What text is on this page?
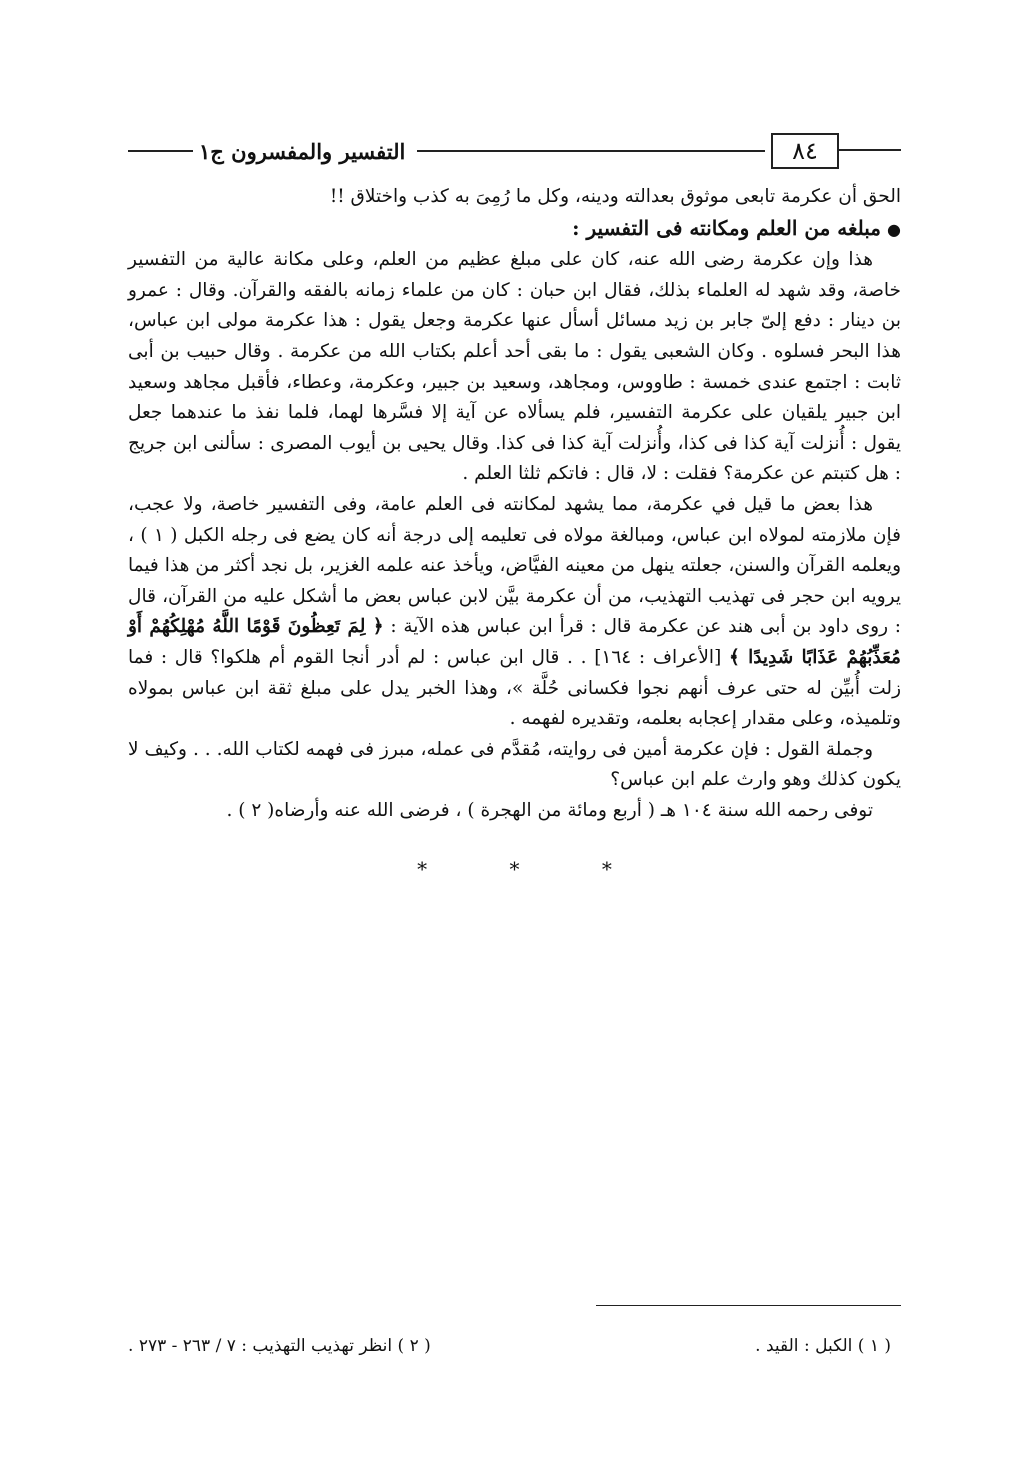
٨٤
التفسير والمفسرون ج١

الحق أن عكرمة تابعى موثوق بعدالته ودينه، وكل ما رُمِىَ به كذب واختلاق !!

●مبلغه من العلم ومكانته فى التفسير :

هذا وإن عكرمة رضى الله عنه، كان على مبلغ عظيم من العلم، وعلى مكانة عالية من التفسير خاصة، وقد شهد له العلماء بذلك، فقال ابن حبان : كان من علماء زمانه بالفقه والقرآن. وقال : عمرو بن دينار : دفع إلىّ جابر بن زيد مسائل أسأل عنها عكرمة وجعل يقول : هذا عكرمة مولى ابن عباس، هذا البحر فسلوه . وكان الشعبى يقول : ما بقى أحد أعلم بكتاب الله من عكرمة . وقال حبيب بن أبى ثابت : اجتمع عندى خمسة : طاووس، ومجاهد، وسعيد بن جبير، وعكرمة، وعطاء، فأقبل مجاهد وسعيد ابن جبير يلقيان على عكرمة التفسير، فلم يسألاه عن آية إلا فسَّرها لهما، فلما نفذ ما عندهما جعل يقول : أُنزلت آية كذا فى كذا، وأُنزلت آية كذا فى كذا. وقال يحيى بن أيوب المصرى : سألنى ابن جريج : هل كتبتم عن عكرمة؟ فقلت : لا، قال : فاتكم ثلثا العلم .

هذا بعض ما قيل في عكرمة، مما يشهد لمكانته فى العلم عامة، وفى التفسير خاصة، ولا عجب، فإن ملازمته لمولاه ابن عباس، ومبالغة مولاه فى تعليمه إلى درجة أنه كان يضع فى رجله الكبل ( ١ ) ، ويعلمه القرآن والسنن، جعلته ينهل من معينه الفيَّاض، ويأخذ عنه علمه الغزير، بل نجد أكثر من هذا فيما يرويه ابن حجر فى تهذيب التهذيب، من أن عكرمة بيَّن لابن عباس بعض ما أشكل عليه من القرآن، قال : روى داود بن أبى هند عن عكرمة قال : قرأ ابن عباس هذه الآية : ﴿ لِمَ تَعِظُونَ قَوْمًا اللَّهُ مُهْلِكُهُمْ أَوْ مُعَذِّبُهُمْ عَذَابًا شَدِيدًا ﴾ [الأعراف : ١٦٤] . . قال ابن عباس : لم أدر أنجا القوم أم هلكوا؟ قال : فما زلت أُبيِّن له حتى عرف أنهم نجوا فكسانى حُلَّة »، وهذا الخبر يدل على مبلغ ثقة ابن عباس بمولاه وتلميذه، وعلى مقدار إعجابه بعلمه، وتقديره لفهمه .

وجملة القول : فإن عكرمة أمين فى روايته، مُقدَّم فى عمله، مبرز فى فهمه لكتاب الله. . . وكيف لا يكون كذلك وهو وارث علم ابن عباس؟

توفى رحمه الله سنة ١٠٤ هـ ( أربع ومائة من الهجرة ) ، فرضى الله عنه وأرضاه( ٢ ) .

* * *
( ١ ) الكبل : القيد .
( ٢ ) انظر تهذيب التهذيب : ٧ / ٢٦٣ - ٢٧٣ .
